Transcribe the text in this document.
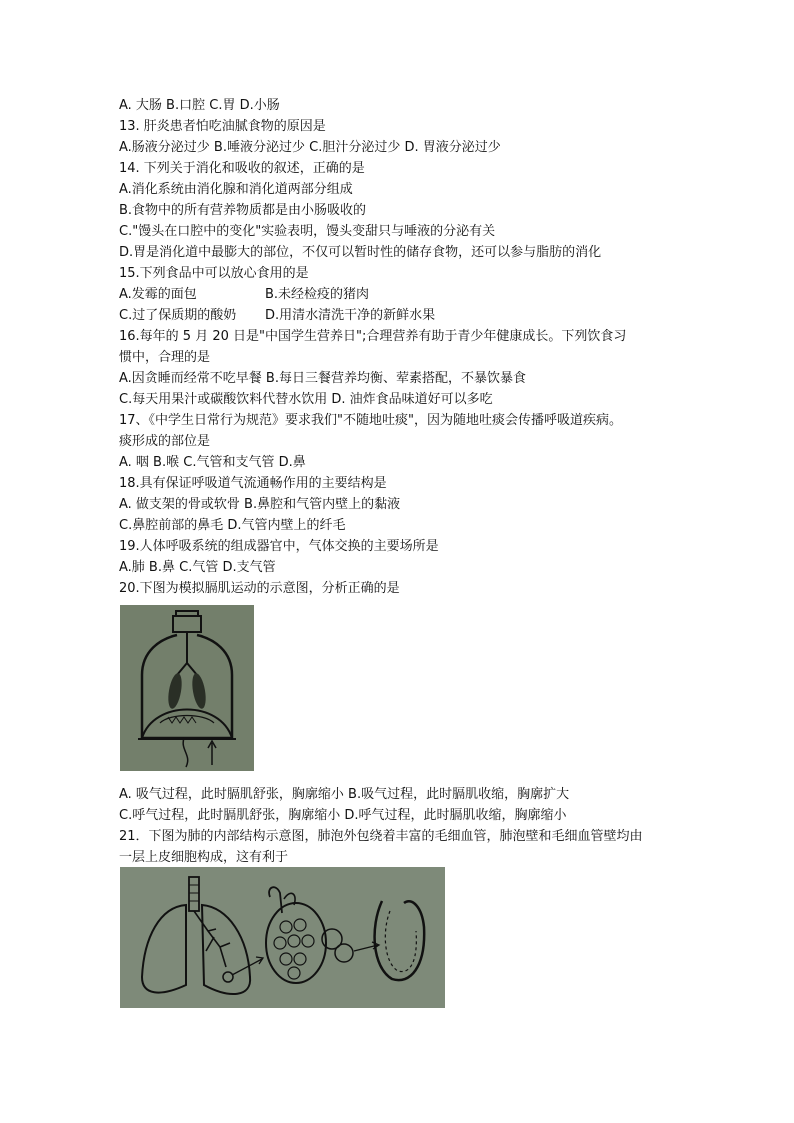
A. 大肠 B.口腔 C.胃 D.小肠
13. 肝炎患者怕吃油腻食物的原因是
A.肠液分泌过少 B.唾液分泌过少 C.胆汁分泌过少 D. 胃液分泌过少
14. 下列关于消化和吸收的叙述，正确的是
A.消化系统由消化腺和消化道两部分组成
B.食物中的所有营养物质都是由小肠吸收的
C."馒头在口腔中的变化"实验表明，馒头变甜只与唾液的分泌有关
D.胃是消化道中最膨大的部位，不仅可以暂时性的储存食物，还可以参与脂肪的消化
15.下列食品中可以放心食用的是
A.发霉的面包	B.未经检疫的猪肉
C.过了保质期的酸奶 D.用清水清洗干净的新鲜水果
16.每年的 5 月 20 日是"中国学生营养日";合理营养有助于青少年健康成长。下列饮食习
惯中，合理的是
A.因贪睡而经常不吃早餐 B.每日三餐营养均衡、荤素搭配，不暴饮暴食
C.每天用果汁或碳酸饮料代替水饮用 D. 油炸食品味道好可以多吃
17、《中学生日常行为规范》要求我们"不随地吐痰"，因为随地吐痰会传播呼吸道疾病。
痰形成的部位是
A. 咽 B.喉 C.气管和支气管 D.鼻
18.具有保证呼吸道气流通畅作用的主要结构是
A. 做支架的骨或软骨 B.鼻腔和气管内壁上的黏液
C.鼻腔前部的鼻毛 D.气管内壁上的纤毛
19.人体呼吸系统的组成器官中，气体交换的主要场所是
A.肺 B.鼻 C.气管 D.支气管
20.下图为模拟膈肌运动的示意图，分析正确的是
A. 吸气过程，此时膈肌舒张，胸廓缩小 B.吸气过程，此时膈肌收缩，胸廓扩大
C.呼气过程，此时膈肌舒张，胸廓缩小 D.呼气过程，此时膈肌收缩，胸廓缩小
21．下图为肺的内部结构示意图，肺泡外包绕着丰富的毛细血管，肺泡壁和毛细血管壁均由
一层上皮细胞构成，这有利于
